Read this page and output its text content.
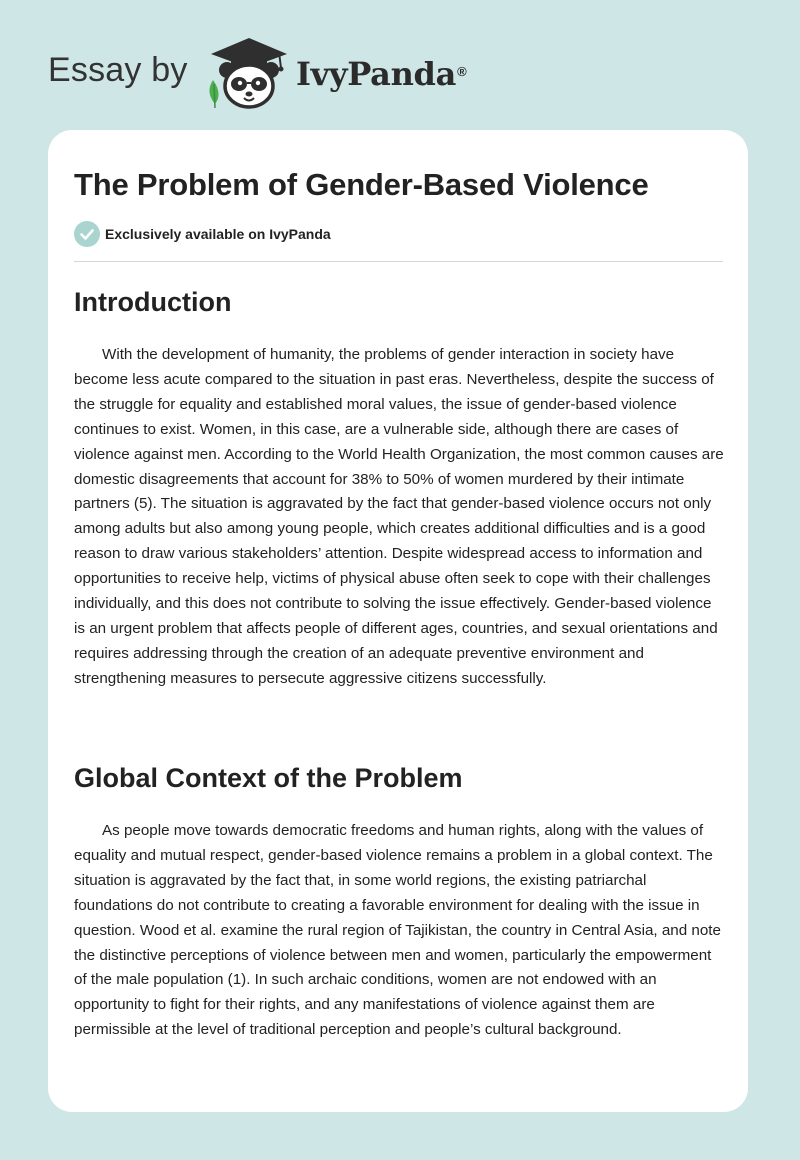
Essay by	IvyPanda®
The Problem of Gender-Based Violence
Exclusively available on IvyPanda
Introduction

With the development of humanity, the problems of gender interaction in society have become less acute compared to the situation in past eras. Nevertheless, despite the success of the struggle for equality and established moral values, the issue of gender-based violence continues to exist. Women, in this case, are a vulnerable side, although there are cases of violence against men. According to the World Health Organization, the most common causes are domestic disagreements that account for 38% to 50% of women murdered by their intimate partners (5). The situation is aggravated by the fact that gender-based violence occurs not only among adults but also among young people, which creates additional difficulties and is a good reason to draw various stakeholders’ attention. Despite widespread access to information and opportunities to receive help, victims of physical abuse often seek to cope with their challenges individually, and this does not contribute to solving the issue effectively. Gender-based violence is an urgent problem that affects people of different ages, countries, and sexual orientations and requires addressing through the creation of an adequate preventive environment and strengthening measures to persecute aggressive citizens successfully.

Global Context of the Problem

As people move towards democratic freedoms and human rights, along with the values of equality and mutual respect, gender-based violence remains a problem in a global context. The situation is aggravated by the fact that, in some world regions, the existing patriarchal foundations do not contribute to creating a favorable environment for dealing with the issue in question. Wood et al. examine the rural region of Tajikistan, the country in Central Asia, and note the distinctive perceptions of violence between men and women, particularly the empowerment of the male population (1). In such archaic conditions, women are not endowed with an opportunity to fight for their rights, and any manifestations of violence against them are permissible at the level of traditional perception and people’s cultural background.
